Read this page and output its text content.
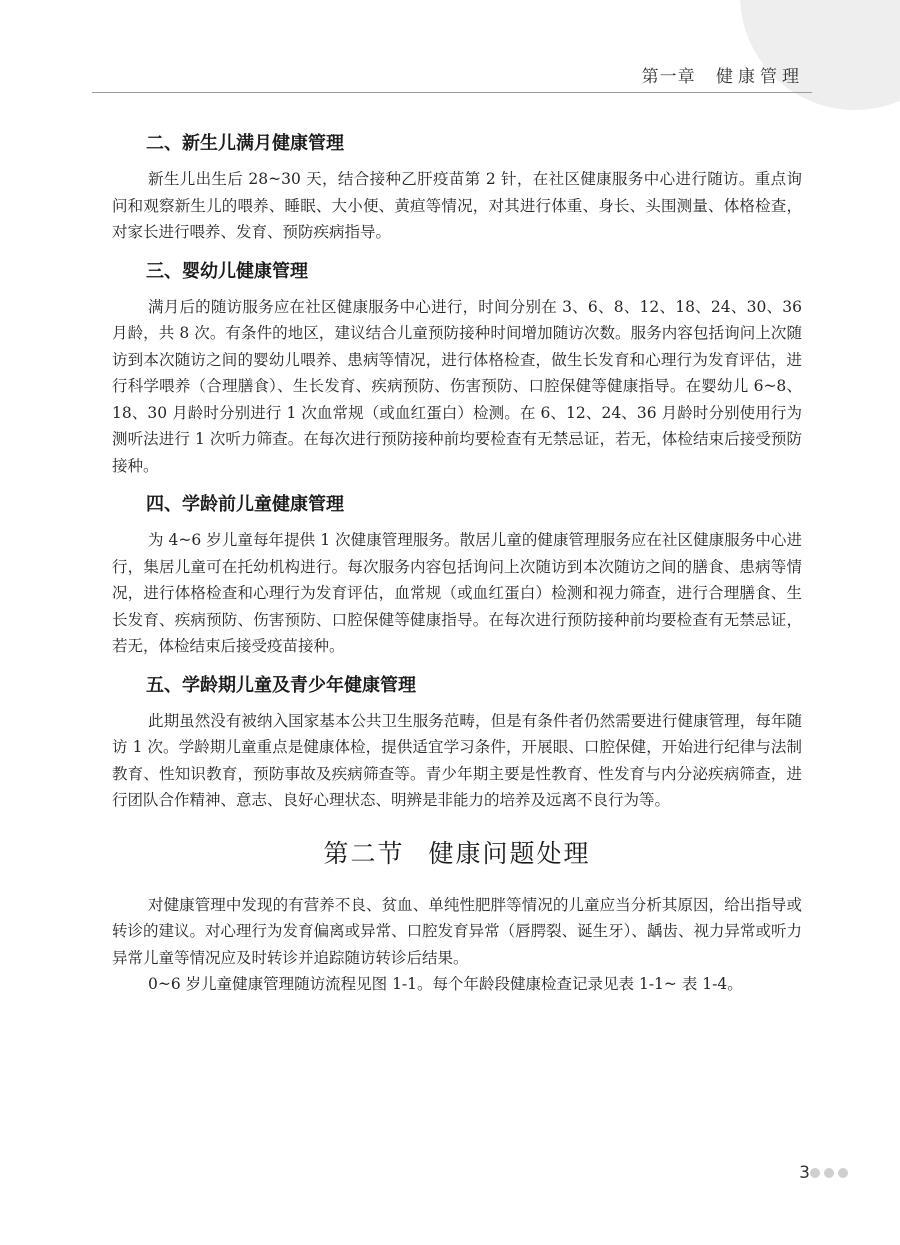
第一章 健康管理
二、新生儿满月健康管理

新生儿出生后 28~30 天，结合接种乙肝疫苗第 2 针，在社区健康服务中心进行随访。重点询问和观察新生儿的喂养、睡眠、大小便、黄疸等情况，对其进行体重、身长、头围测量、体格检查，对家长进行喂养、发育、预防疾病指导。

三、婴幼儿健康管理

满月后的随访服务应在社区健康服务中心进行，时间分别在 3、6、8、12、18、24、30、36 月龄，共 8 次。有条件的地区，建议结合儿童预防接种时间增加随访次数。服务内容包括询问上次随访到本次随访之间的婴幼儿喂养、患病等情况，进行体格检查，做生长发育和心理行为发育评估，进行科学喂养（合理膳食）、生长发育、疾病预防、伤害预防、口腔保健等健康指导。在婴幼儿 6~8、18、30 月龄时分别进行 1 次血常规（或血红蛋白）检测。在 6、12、24、36 月龄时分别使用行为测听法进行 1 次听力筛查。在每次进行预防接种前均要检查有无禁忌证，若无，体检结束后接受预防接种。

四、学龄前儿童健康管理

为 4~6 岁儿童每年提供 1 次健康管理服务。散居儿童的健康管理服务应在社区健康服务中心进行，集居儿童可在托幼机构进行。每次服务内容包括询问上次随访到本次随访之间的膳食、患病等情况，进行体格检查和心理行为发育评估，血常规（或血红蛋白）检测和视力筛查，进行合理膳食、生长发育、疾病预防、伤害预防、口腔保健等健康指导。在每次进行预防接种前均要检查有无禁忌证，若无，体检结束后接受疫苗接种。

五、学龄期儿童及青少年健康管理

此期虽然没有被纳入国家基本公共卫生服务范畴，但是有条件者仍然需要进行健康管理，每年随访 1 次。学龄期儿童重点是健康体检，提供适宜学习条件，开展眼、口腔保健，开始进行纪律与法制教育、性知识教育，预防事故及疾病筛查等。青少年期主要是性教育、性发育与内分泌疾病筛查，进行团队合作精神、意志、良好心理状态、明辨是非能力的培养及远离不良行为等。

第二节 健康问题处理

对健康管理中发现的有营养不良、贫血、单纯性肥胖等情况的儿童应当分析其原因，给出指导或转诊的建议。对心理行为发育偏离或异常、口腔发育异常（唇腭裂、诞生牙）、龋齿、视力异常或听力异常儿童等情况应及时转诊并追踪随访转诊后结果。

0~6 岁儿童健康管理随访流程见图 1-1。每个年龄段健康检查记录见表 1-1~ 表 1-4。

3
